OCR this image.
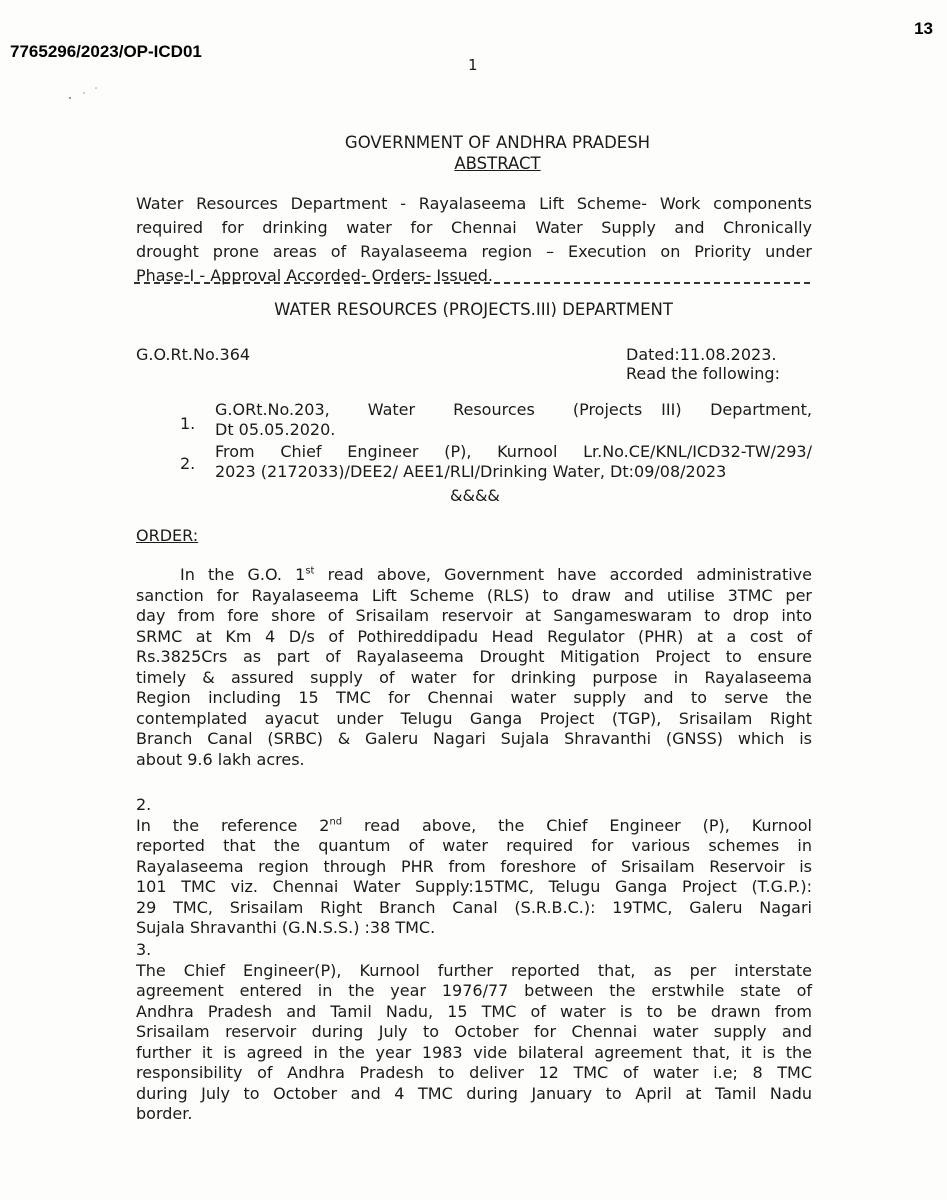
7765296/2023/OP-ICD01
13
1
GOVERNMENT OF ANDHRA PRADESH
ABSTRACT
Water Resources Department - Rayalaseema Lift Scheme- Work components
required for drinking water for Chennai Water Supply and Chronically
drought prone areas of Rayalaseema region – Execution on Priority under
Phase-I - Approval Accorded- Orders- Issued.
WATER RESOURCES (PROJECTS.III) DEPARTMENT
G.O.Rt.No.364	Dated:11.08.2023.
Read the following:
1.
G.ORt.No.203,    Water    Resources    (Projects  III)   Department,
Dt 05.05.2020.
2.
From Chief Engineer (P), Kurnool Lr.No.CE/KNL/ICD32-TW/293/
2023 (2172033)/DEE2/ AEE1/RLI/Drinking Water, Dt:09/08/2023
&&&&
ORDER:
In the G.O. 1st read above, Government have accorded administrative
sanction for Rayalaseema Lift Scheme (RLS) to draw and utilise 3TMC per
day from fore shore of Srisailam reservoir at Sangameswaram to drop into
SRMC at Km 4 D/s of Pothireddipadu Head Regulator (PHR) at a cost of
Rs.3825Crs as part of Rayalaseema Drought Mitigation Project to ensure
timely & assured supply of water for drinking purpose in Rayalaseema
Region including 15 TMC for Chennai water supply and to serve the
contemplated ayacut under Telugu Ganga Project (TGP), Srisailam Right
Branch Canal (SRBC) & Galeru Nagari Sujala Shravanthi (GNSS) which is
about 9.6 lakh acres.
2.
In the reference 2nd read above, the Chief Engineer (P), Kurnool
reported that the quantum of water required for various schemes in
Rayalaseema region through PHR from foreshore of Srisailam Reservoir is
101 TMC viz. Chennai Water Supply:15TMC, Telugu Ganga Project (T.G.P.):
29 TMC, Srisailam Right Branch Canal (S.R.B.C.): 19TMC, Galeru Nagari
Sujala Shravanthi (G.N.S.S.) :38 TMC.
3.
The Chief Engineer(P), Kurnool further reported that, as per interstate
agreement entered in the year 1976/77 between the erstwhile state of
Andhra Pradesh and Tamil Nadu, 15 TMC of water is to be drawn from
Srisailam reservoir during July to October for Chennai water supply and
further it is agreed in the year 1983 vide bilateral agreement that, it is the
responsibility of Andhra Pradesh to deliver 12 TMC of water i.e; 8 TMC
during July to October and 4 TMC during January to April at Tamil Nadu
border.
